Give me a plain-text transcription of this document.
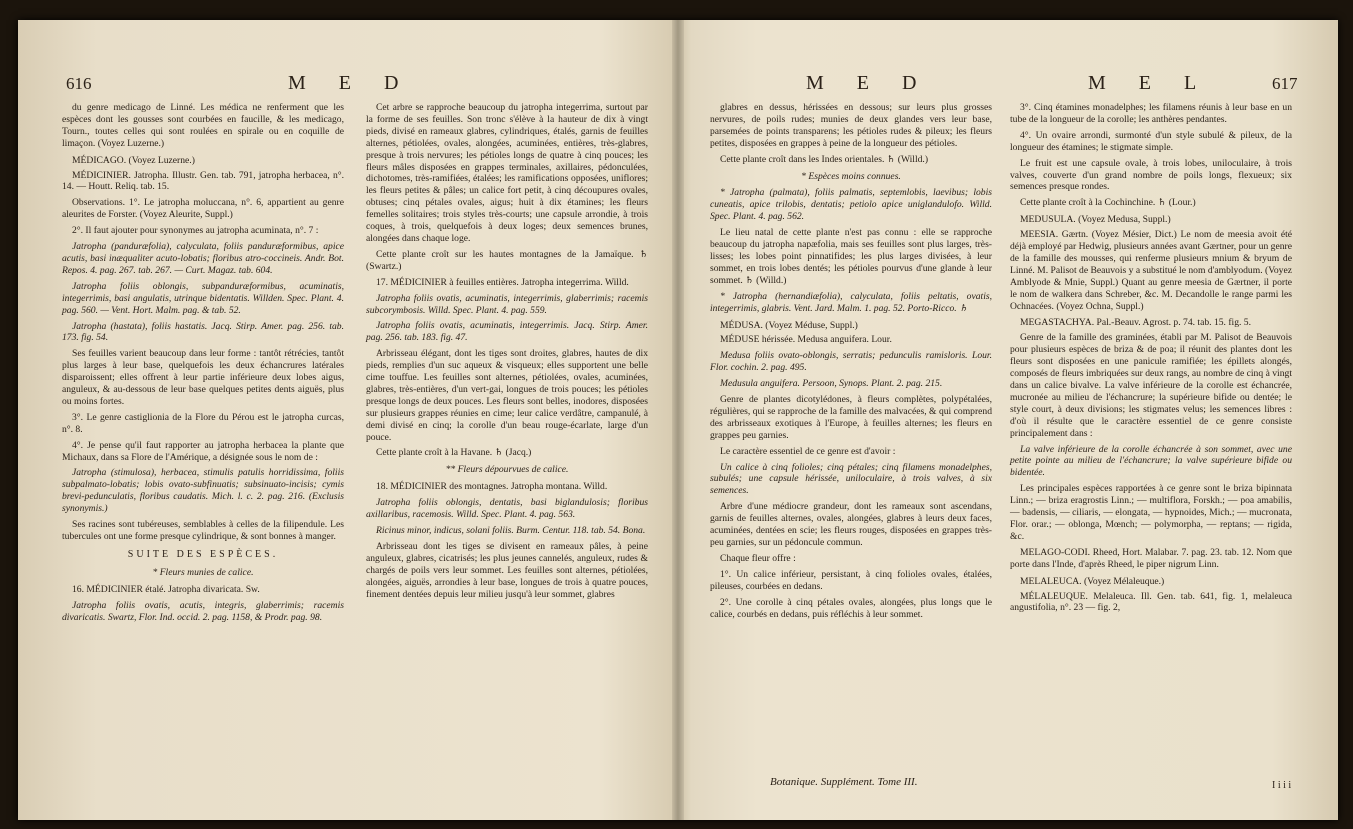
616	M E D

du genre medicago de Linné. Les médica ne renferment que les espèces dont les gousses sont courbées en faucille, & les medicago, Tourn., toutes celles qui sont roulées en spirale ou en coquille de limaçon. (Voyez Luzerne.)

MÉDICAGO. (Voyez Luzerne.)

MÉDICINIER. Jatropha. Illustr. Gen. tab. 791, jatropha herbacea, n°. 14. — Houtt. Reliq. tab. 15.

Observations. 1°. Le jatropha moluccana, n°. 6, appartient au genre aleurites de Forster. (Voyez Aleurite, Suppl.)

2°. Il faut ajouter pour synonymes au jatropha acuminata, n°. 7 :

Jatropha (panduræfolia), calyculata, foliis panduræformibus, apice acutis, basi inæqualiter acuto-lobatis; floribus atro-coccineis. Andr. Bot. Repos. 4. pag. 267. tab. 267. — Curt. Magaz. tab. 604.

Jatropha foliis oblongis, subpanduræformibus, acuminatis, integerrimis, basi angulatis, utrinque bidentatis. Willden. Spec. Plant. 4. pag. 560. — Vent. Hort. Malm. pag. & tab. 52.

Jatropha (hastata), foliis hastatis. Jacq. Stirp. Amer. pag. 256. tab. 173. fig. 54.

Ses feuilles varient beaucoup dans leur forme : tantôt rétrécies, tantôt plus larges à leur base, quelquefois les deux échancrures latérales disparoissent; elles offrent à leur partie inférieure deux lobes aigus, anguleux, & au-dessous de leur base quelques petites dents aiguës, plus ou moins fortes.

3°. Le genre castiglionia de la Flore du Pérou est le jatropha curcas, n°. 8.

4°. Je pense qu'il faut rapporter au jatropha herbacea la plante que Michaux, dans sa Flore de l'Amérique, a désignée sous le nom de :

Jatropha (stimulosa), herbacea, stimulis patulis horridissima, foliis subpalmato-lobatis; lobis ovato-subfinuatis; subsinuato-incisis; cymis brevi-pedunculatis, floribus caudatis. Mich. l. c. 2. pag. 216. (Exclusis synonymis.)

Ses racines sont tubéreuses, semblables à celles de la filipendule. Les tubercules ont une forme presque cylindrique, & sont bonnes à manger.

SUITE DES ESPÈCES.

* Fleurs munies de calice.

16. MÉDICINIER étalé. Jatropha divaricata. Sw.

Jatropha foliis ovatis, acutis, integris, glaberrimis; racemis divaricatis. Swartz, Flor. Ind. occid. 2. pag. 1158, & Prodr. pag. 98.

Cet arbre se rapproche beaucoup du jatropha integerrima, surtout par la forme de ses feuilles. Son tronc s'élève à la hauteur de dix à vingt pieds, divisé en rameaux glabres, cylindriques, étalés, garnis de feuilles alternes, pétiolées, ovales, alongées, acuminées, entières, très-glabres, presque à trois nervures; les pétioles longs de quatre à cinq pouces; les fleurs mâles disposées en grappes terminales, axillaires, pédonculées, dichotomes, très-ramifiées, étalées; les ramifications opposées, uniflores; les fleurs petites & pâles; un calice fort petit, à cinq découpures ovales, obtuses; cinq pétales ovales, aigus; huit à dix étamines; les fleurs femelles solitaires; trois styles très-courts; une capsule arrondie, à trois coques, à trois, quelquefois à deux loges; deux semences brunes, alongées dans chaque loge.

Cette plante croît sur les hautes montagnes de la Jamaïque. ♄ (Swartz.)

17. MÉDICINIER à feuilles entières. Jatropha integerrima. Willd.

Jatropha foliis ovatis, acuminatis, integerrimis, glaberrimis; racemis subcorymbosis. Willd. Spec. Plant. 4. pag. 559.

Jatropha foliis ovatis, acuminatis, integerrimis. Jacq. Stirp. Amer. pag. 256. tab. 183. fig. 47.

Arbrisseau élégant, dont les tiges sont droites, glabres, hautes de dix pieds, remplies d'un suc aqueux & visqueux; elles supportent une belle cime touffue. Les feuilles sont alternes, pétiolées, ovales, acuminées, glabres, très-entières, d'un vert-gai, longues de trois pouces; les pétioles presque longs de deux pouces. Les fleurs sont belles, inodores, disposées sur plusieurs grappes réunies en cime; leur calice verdâtre, campanulé, à demi divisé en cinq; la corolle d'un beau rouge-écarlate, large d'un pouce.

Cette plante croît à la Havane. ♄ (Jacq.)

** Fleurs dépourvues de calice.

18. MÉDICINIER des montagnes. Jatropha montana. Willd.

Jatropha foliis oblongis, dentatis, basi biglandulosis; floribus axillaribus, racemosis. Willd. Spec. Plant. 4. pag. 563.

Ricinus minor, indicus, solani foliis. Burm. Centur. 118. tab. 54. Bona.

Arbrisseau dont les tiges se divisent en rameaux pâles, à peine anguleux, glabres, cicatrisés; les plus jeunes cannelés, anguleux, rudes & chargés de poils vers leur sommet. Les feuilles sont alternes, pétiolées, alongées, aiguës, arrondies à leur base, longues de trois à quatre pouces, finement dentées depuis leur milieu jusqu'à leur sommet, glabres

M E D	M E L	617

glabres en dessus, hérissées en dessous; sur leurs plus grosses nervures, de poils rudes; munies de deux glandes vers leur base, parsemées de points transparens; les pétioles rudes & pileux; les fleurs petites, disposées en grappes à peine de la longueur des pétioles.

Cette plante croît dans les Indes orientales. ♄ (Willd.)

* Espèces moins connues.

* Jatropha (palmata), foliis palmatis, septemlobis, laevibus; lobis cuneatis, apice trilobis, dentatis; petiolo apice uniglandulofo. Willd. Spec. Plant. 4. pag. 562.

Le lieu natal de cette plante n'est pas connu : elle se rapproche beaucoup du jatropha napæfolia, mais ses feuilles sont plus larges, très-lisses; les lobes point pinnatifides; les plus larges divisées, à leur sommet, en trois lobes dentés; les pétioles pourvus d'une glande à leur sommet. ♄ (Willd.)

* Jatropha (hernandiæfolia), calyculata, foliis peltatis, ovatis, integerrimis, glabris. Vent. Jard. Malm. 1. pag. 52. Porto-Ricco. ♄

MÉDUSA. (Voyez Méduse, Suppl.)

MÉDUSE hérissée. Medusa anguifera. Lour.

Medusa foliis ovato-oblongis, serratis; pedunculis ramisloris. Lour. Flor. cochin. 2. pag. 495.

Medusula anguifera. Persoon, Synops. Plant. 2. pag. 215.

Genre de plantes dicotylédones, à fleurs complètes, polypétalées, régulières, qui se rapproche de la famille des malvacées, & qui comprend des arbrisseaux exotiques à l'Europe, à feuilles alternes; les fleurs en grappes peu garnies.

Le caractère essentiel de ce genre est d'avoir :

Un calice à cinq folioles; cinq pétales; cinq filamens monadelphes, subulés; une capsule hérissée, uniloculaire, à trois valves, à six semences.

Arbre d'une médiocre grandeur, dont les rameaux sont ascendans, garnis de feuilles alternes, ovales, alongées, glabres à leurs deux faces, acuminées, dentées en scie; les fleurs rouges, disposées en grappes très-peu garnies, sur un pédoncule commun.

Chaque fleur offre :

1°. Un calice inférieur, persistant, à cinq folioles ovales, étalées, pileuses, courbées en dedans.

2°. Une corolle à cinq pétales ovales, alongées, plus longs que le calice, courbés en dedans, puis réfléchis à leur sommet.

3°. Cinq étamines monadelphes; les filamens réunis à leur base en un tube de la longueur de la corolle; les anthères pendantes.

4°. Un ovaire arrondi, surmonté d'un style subulé & pileux, de la longueur des étamines; le stigmate simple.

Le fruit est une capsule ovale, à trois lobes, uniloculaire, à trois valves, couverte d'un grand nombre de poils longs, flexueux; six semences presque rondes.

Cette plante croît à la Cochinchine. ♄ (Lour.)

MEDUSULA. (Voyez Medusa, Suppl.)

MEESIA. Gærtn. (Voyez Mésier, Dict.) Le nom de meesia avoit été déjà employé par Hedwig, plusieurs années avant Gærtner, pour un genre de la famille des mousses, qui renferme plusieurs mnium & bryum de Linné. M. Palisot de Beauvois y a substitué le nom d'amblyodum. (Voyez Amblyode & Mnie, Suppl.) Quant au genre meesia de Gærtner, il porte le nom de walkera dans Schreber, &c. M. Decandolle le range parmi les Ochnacées. (Voyez Ochna, Suppl.)

MEGASTACHYA. Pal.-Beauv. Agrost. p. 74. tab. 15. fig. 5.

Genre de la famille des graminées, établi par M. Palisot de Beauvois pour plusieurs espèces de briza & de poa; il réunit des plantes dont les fleurs sont disposées en une panicule ramifiée; les épillets alongés, composés de fleurs imbriquées sur deux rangs, au nombre de cinq à vingt dans un calice bivalve. La valve inférieure de la corolle est échancrée, mucronée au milieu de l'échancrure; la supérieure bifide ou dentée; le style court, à deux divisions; les stigmates velus; les semences libres : d'où il résulte que le caractère essentiel de ce genre consiste principalement dans :

La valve inférieure de la corolle échancrée à son sommet, avec une petite pointe au milieu de l'échancrure; la valve supérieure bifide ou bidentée.

Les principales espèces rapportées à ce genre sont le briza bipinnata Linn.; — briza eragrostis Linn.; — multiflora, Forskh.; — poa amabilis, — badensis, — ciliaris, — elongata, — hypnoides, Mich.; — mucronata, Flor. orar.; — oblonga, Mœnch; — polymorpha, — reptans; — rigida, &c.

MELAGO-CODI. Rheed, Hort. Malabar. 7. pag. 23. tab. 12. Nom que porte dans l'Inde, d'après Rheed, le piper nigrum Linn.

MELALEUCA. (Voyez Mélaleuque.)

MÉLALEUQUE. Melaleuca. Ill. Gen. tab. 641, fig. 1, melaleuca angustifolia, n°. 23 — fig. 2,

Botanique. Supplément. Tome III.	I i i i
